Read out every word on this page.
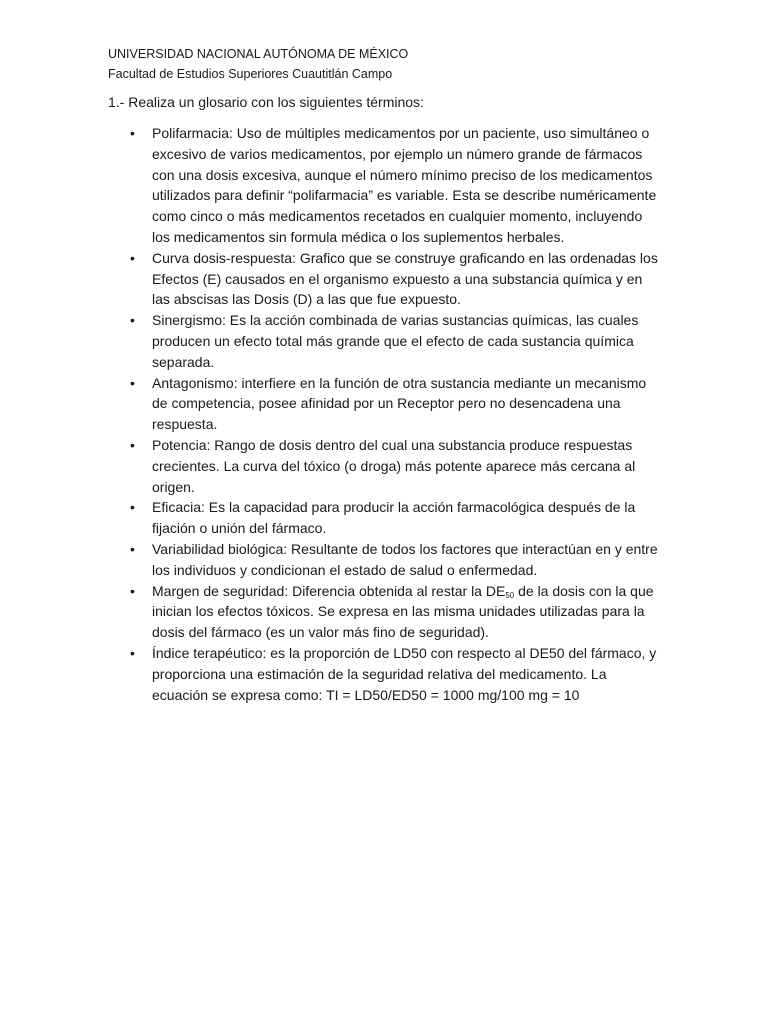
UNIVERSIDAD NACIONAL AUTÓNOMA DE MÉXICO
Facultad de Estudios Superiores Cuautitlán Campo
1.- Realiza un glosario con los siguientes términos:
• Polifarmacia: Uso de múltiples medicamentos por un paciente, uso simultáneo o excesivo de varios medicamentos, por ejemplo un número grande de fármacos con una dosis excesiva, aunque el número mínimo preciso de los medicamentos utilizados para definir “polifarmacia” es variable. Esta se describe numéricamente como cinco o más medicamentos recetados en cualquier momento, incluyendo los medicamentos sin formula médica o los suplementos herbales.
• Curva dosis-respuesta: Grafico que se construye graficando en las ordenadas los Efectos (E) causados en el organismo expuesto a una substancia química y en las abscisas las Dosis (D) a las que fue expuesto.
• Sinergismo: Es la acción combinada de varias sustancias químicas, las cuales producen un efecto total más grande que el efecto de cada sustancia química separada.
• Antagonismo: interfiere en la función de otra sustancia mediante un mecanismo de competencia, posee afinidad por un Receptor pero no desencadena una respuesta.
• Potencia: Rango de dosis dentro del cual una substancia produce respuestas crecientes. La curva del tóxico (o droga) más potente aparece más cercana al origen.
• Eficacia: Es la capacidad para producir la acción farmacológica después de la fijación o unión del fármaco.
• Variabilidad biológica: Resultante de todos los factores que interactúan en y entre los individuos y condicionan el estado de salud o enfermedad.
• Margen de seguridad: Diferencia obtenida al restar la $DE_{50}$ de la dosis con la que inician los efectos tóxicos. Se expresa en las misma unidades utilizadas para la dosis del fármaco (es un valor más fino de seguridad).
• Índice terapéutico: es la proporción de LD50 con respecto al DE50 del fármaco, y proporciona una estimación de la seguridad relativa del medicamento. La ecuación se expresa como: TI = LD50/ED50 = 1000 mg/100 mg = 10
